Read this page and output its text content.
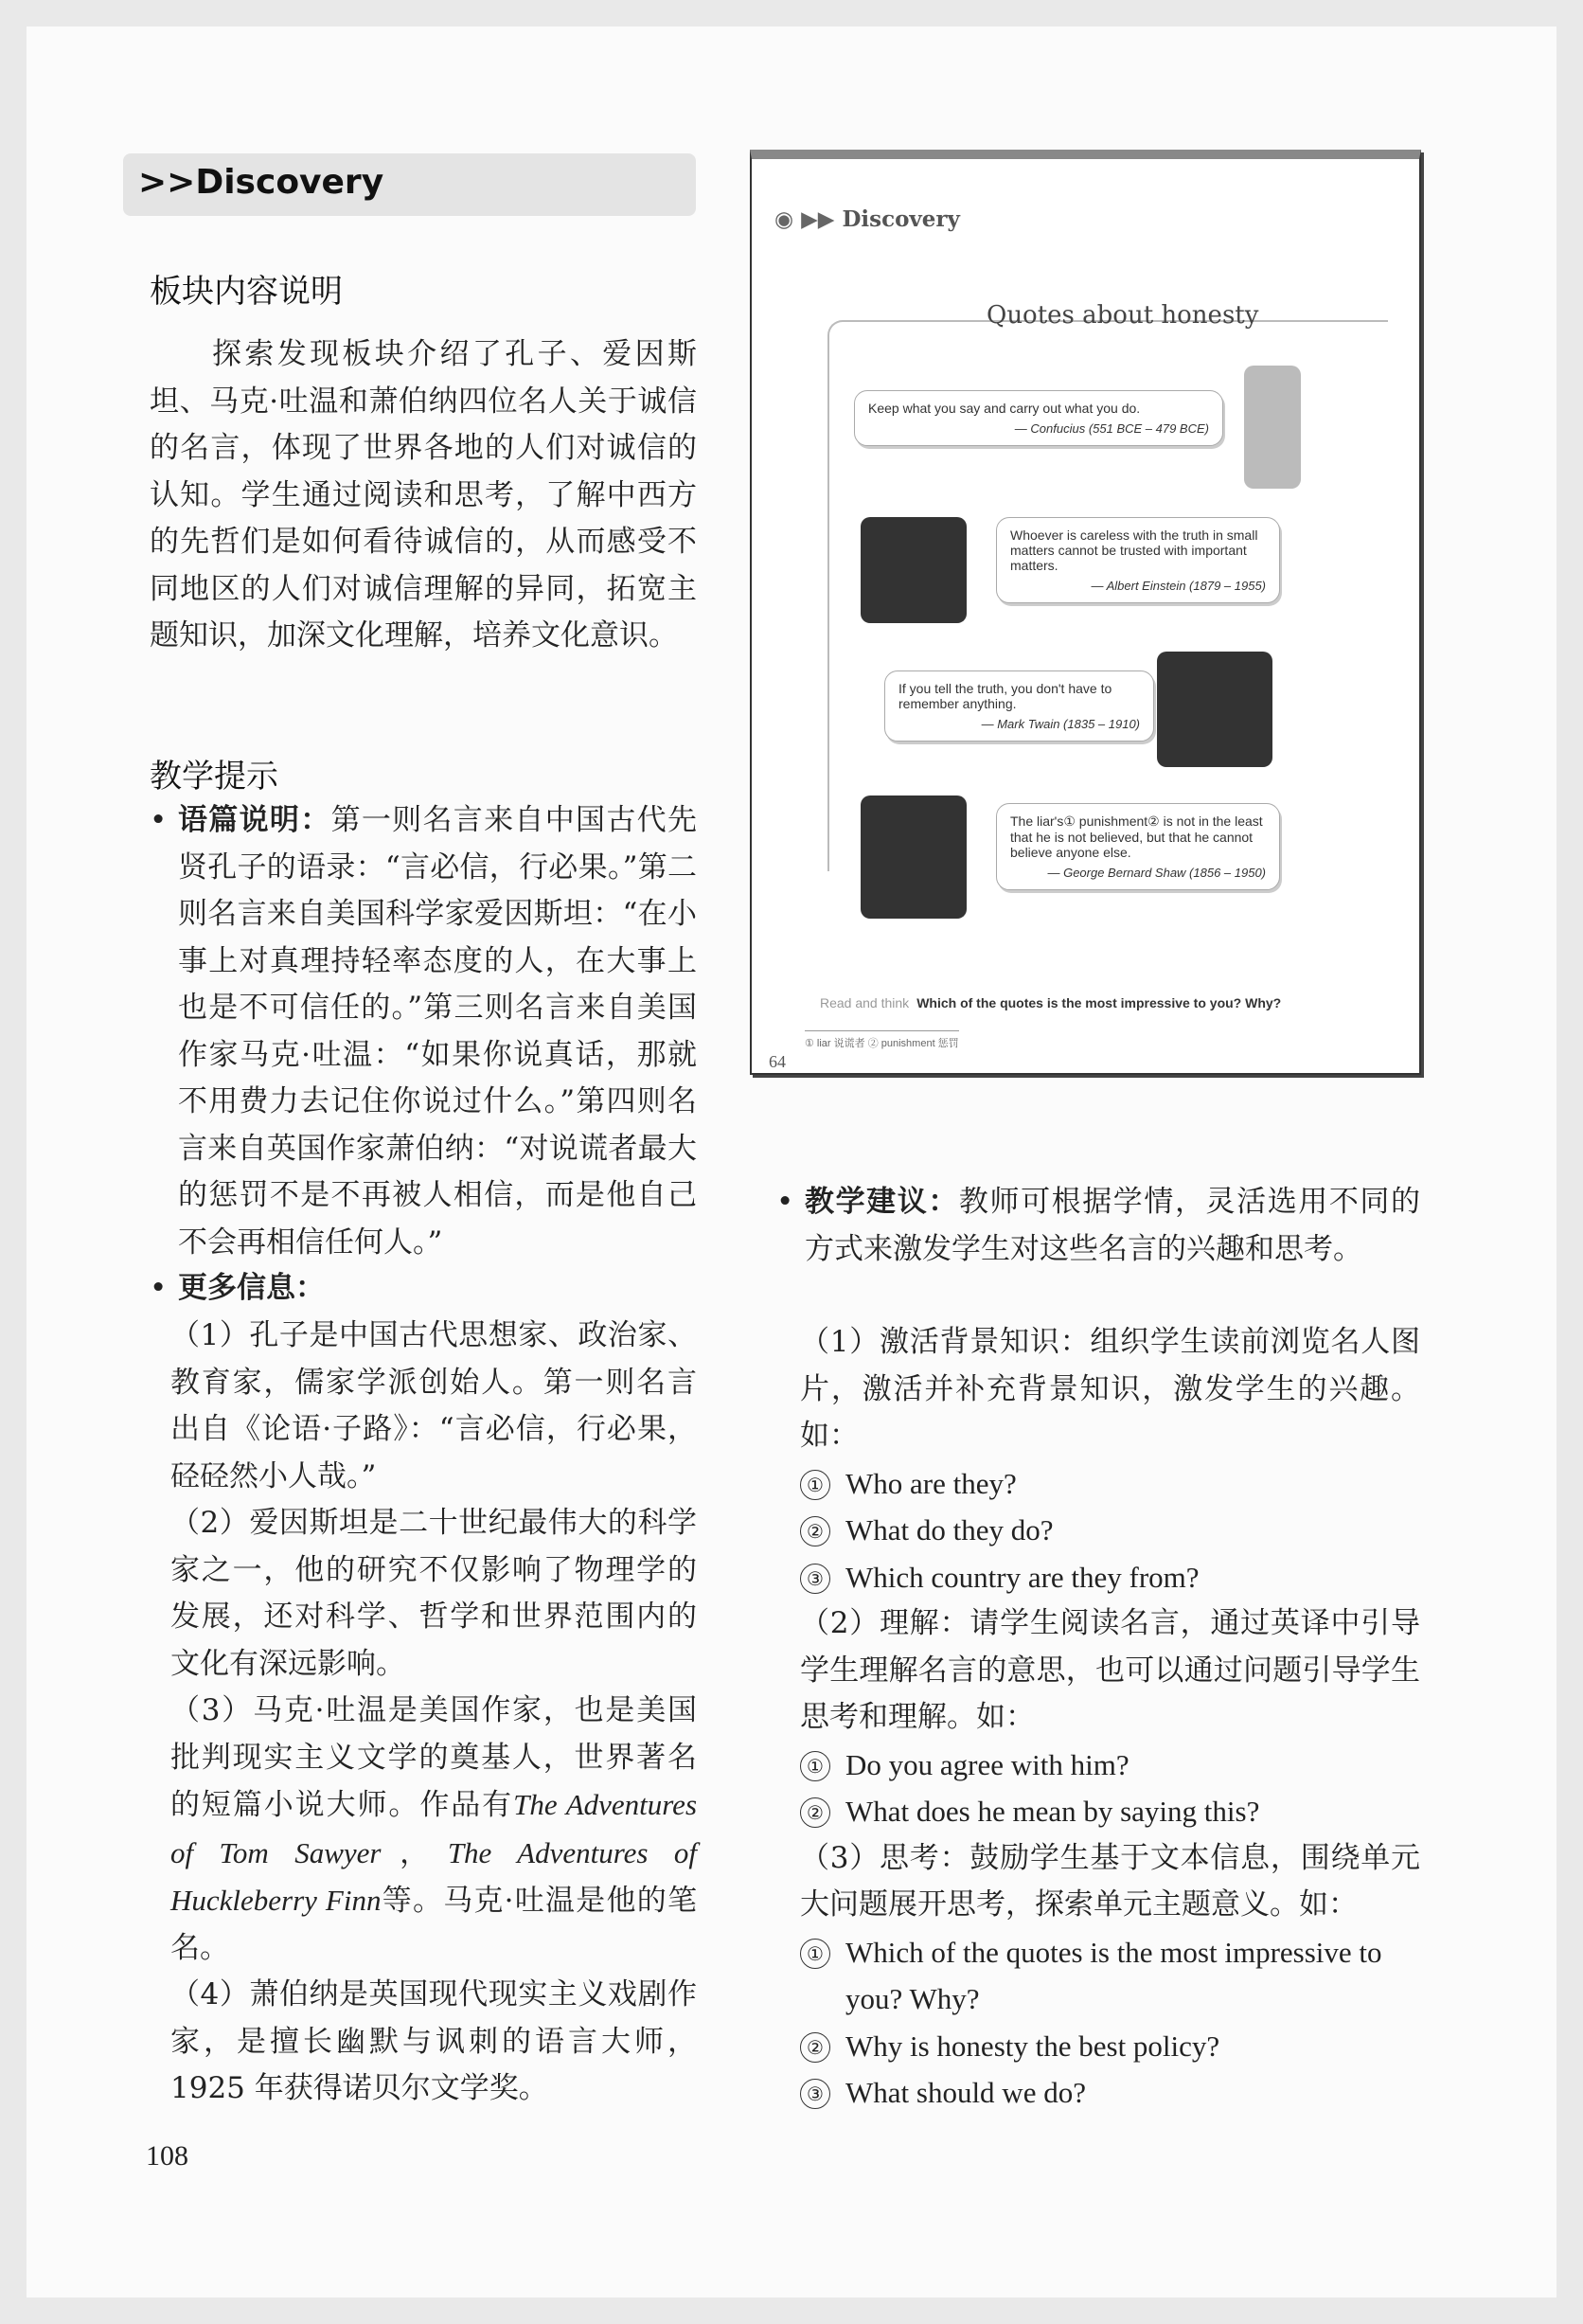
>>Discovery
板块内容说明
探索发现板块介绍了孔子、爱因斯坦、马克·吐温和萧伯纳四位名人关于诚信的名言，体现了世界各地的人们对诚信的认知。学生通过阅读和思考，了解中西方的先哲们是如何看待诚信的，从而感受不同地区的人们对诚信理解的异同，拓宽主题知识，加深文化理解，培养文化意识。
教学提示
• 语篇说明：第一则名言来自中国古代先贤孔子的语录：“言必信，行必果。”第二则名言来自美国科学家爱因斯坦：“在小事上对真理持轻率态度的人，在大事上也是不可信任的。”第三则名言来自美国作家马克·吐温：“如果你说真话，那就不用费力去记住你说过什么。”第四则名言来自英国作家萧伯纳：“对说谎者最大的惩罚不是不再被人相信，而是他自己不会再相信任何人。”
• 更多信息：

（1）孔子是中国古代思想家、政治家、教育家，儒家学派创始人。第一则名言出自《论语·子路》：“言必信，行必果，硁硁然小人哉。”

（2）爱因斯坦是二十世纪最伟大的科学家之一，他的研究不仅影响了物理学的发展，还对科学、哲学和世界范围内的文化有深远影响。

（3）马克·吐温是美国作家，也是美国批判现实主义文学的奠基人，世界著名的短篇小说大师。作品有The Adventures of Tom Sawyer，The Adventures of Huckleberry Finn等。马克·吐温是他的笔名。

（4）萧伯纳是英国现代现实主义戏剧作家，是擅长幽默与讽刺的语言大师，1925 年获得诺贝尔文学奖。

108
◉ ▶▶ Discovery
Quotes about honesty
Keep what you say and carry out what you do.
— Confucius (551 BCE – 479 BCE)
Whoever is careless with the truth in small matters cannot be trusted with important matters.
— Albert Einstein (1879 – 1955)
If you tell the truth, you don't have to remember anything.
— Mark Twain (1835 – 1910)
The liar's① punishment② is not in the least that he is not believed, but that he cannot believe anyone else.
— George Bernard Shaw (1856 – 1950)
Read and think Which of the quotes is the most impressive to you? Why?
① liar 说谎者 ② punishment 惩罚
64
• 教学建议：教师可根据学情，灵活选用不同的方式来激发学生对这些名言的兴趣和思考。

（1）激活背景知识：组织学生读前浏览名人图片，激活并补充背景知识，激发学生的兴趣。如：

① Who are they?

② What do they do?

③ Which country are they from?

（2）理解：请学生阅读名言，通过英译中引导学生理解名言的意思，也可以通过问题引导学生思考和理解。如：

① Do you agree with him?

② What does he mean by saying this?

（3）思考：鼓励学生基于文本信息，围绕单元大问题展开思考，探索单元主题意义。如：

① Which of the quotes is the most impressive to you? Why?

② Why is honesty the best policy?

③ What should we do?
